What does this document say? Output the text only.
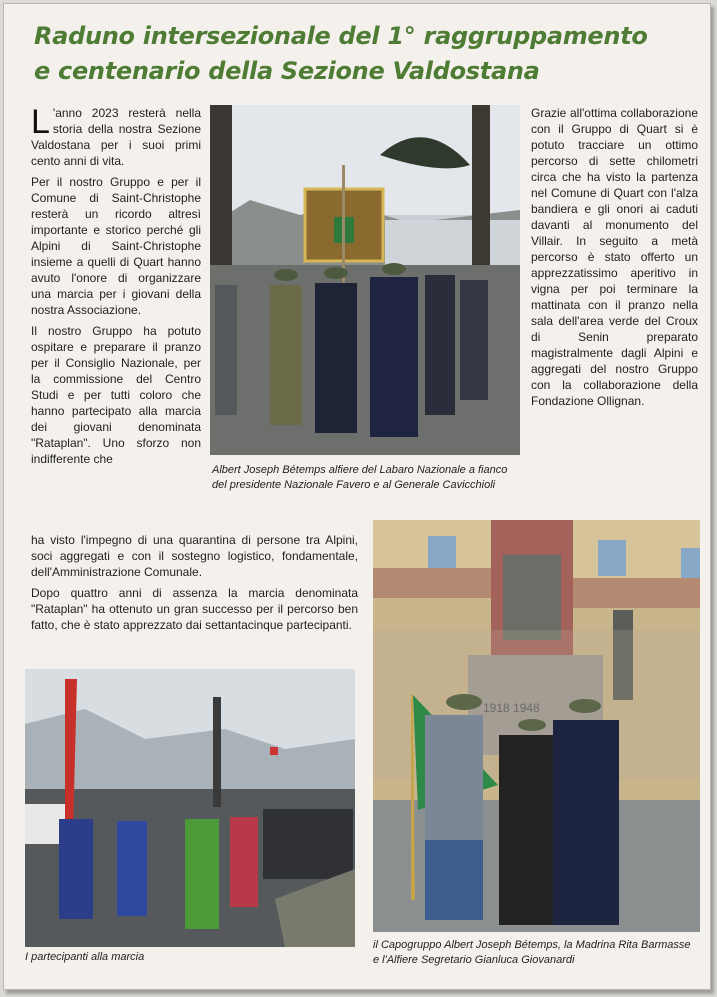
Raduno intersezionale del 1° raggruppamento
e centenario della Sezione Valdostana

L 'anno 2023 resterà nella storia della nostra Sezione Valdostana per i suoi primi cento anni di vita.

Per il nostro Gruppo e per il Comune di Saint-Christophe resterà un ricordo altresì importante e storico perché gli Alpini di Saint-Christophe insieme a quelli di Quart hanno avuto l'onore di organizzare una marcia per i giovani della nostra Associazione.

Il nostro Gruppo ha potuto ospitare e preparare il pranzo per il Consiglio Nazionale, per la commissione del Centro Studi e per tutti coloro che hanno partecipato alla marcia dei giovani denominata "Rataplan". Uno sforzo non indifferente che

Albert Joseph Bétemps alfiere del Labaro Nazionale a fianco del presidente Nazionale Favero e al Generale Cavicchioli

Grazie all'ottima collaborazione con il Gruppo di Quart si è potuto tracciare un ottimo percorso di sette chilometri circa che ha visto la partenza nel Comune di Quart con l'alza bandiera e gli onori ai caduti davanti al monumento del Villair. In seguito a metà percorso è stato offerto un apprezzatissimo aperitivo in vigna per poi terminare la mattinata con il pranzo nella sala dell'area verde del Croux di Senin preparato magistralmente dagli Alpini e aggregati del nostro Gruppo con la collaborazione della Fondazione Ollignan.

ha visto l'impegno di una quarantina di persone tra Alpini, soci aggregati e con il sostegno logistico, fondamentale, dell'Amministrazione Comunale.

Dopo quattro anni di assenza la marcia denominata "Rataplan" ha ottenuto un gran successo per il percorso ben fatto, che è stato apprezzato dai settantacinque partecipanti.

I partecipanti alla marcia
1918 1948
il Capogruppo Albert Joseph Bétemps, la Madrina Rita Barmasse e l'Alfiere Segretario Gianluca Giovanardi
